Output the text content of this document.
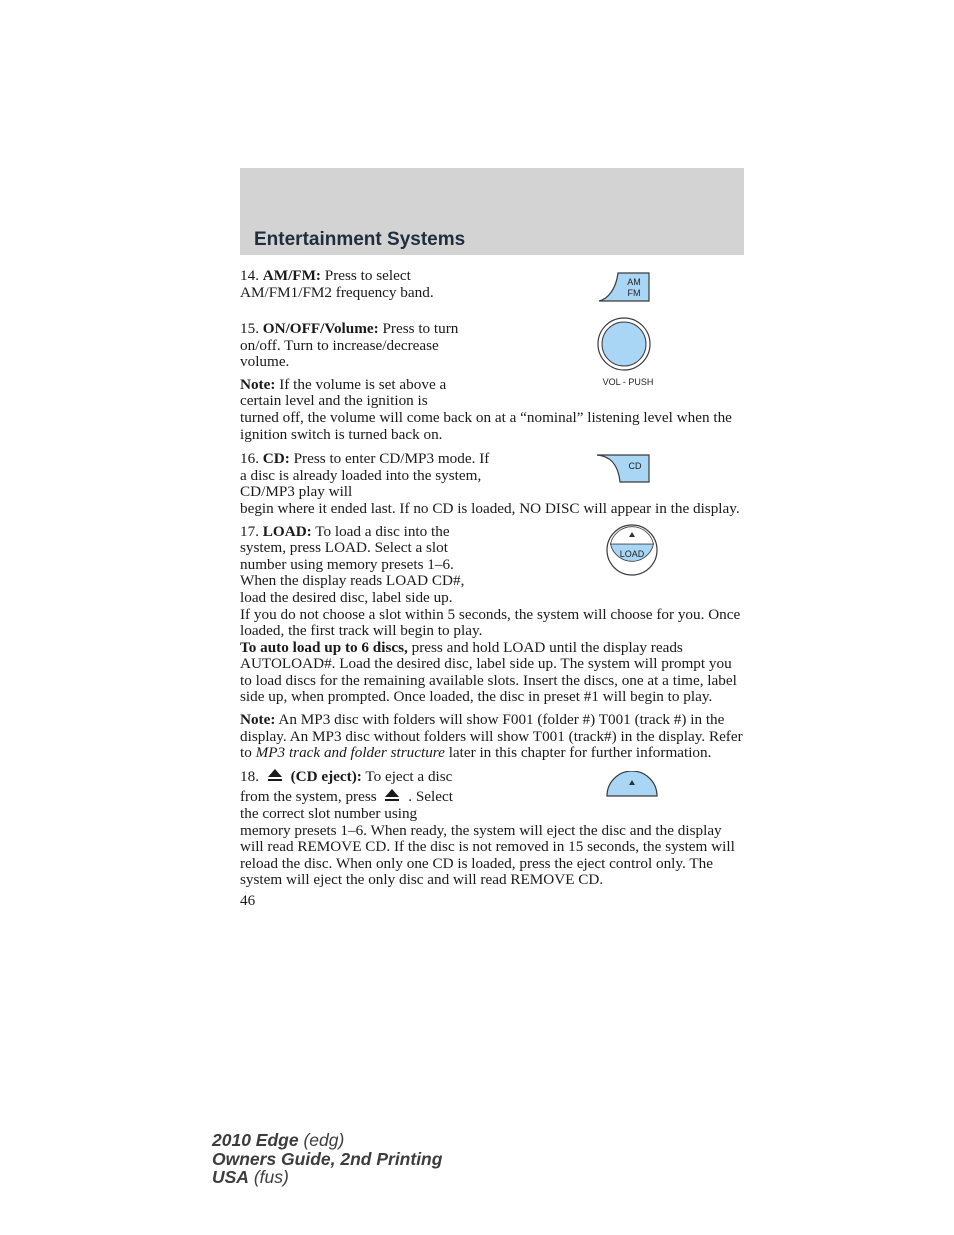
Entertainment Systems

14. AM/FM: Press to select AM/FM1/FM2 frequency band.

AM
FM

15. ON/OFF/Volume: Press to turn on/off. Turn to increase/decrease volume.

Note: If the volume is set above a certain level and the ignition is

turned off, the volume will come back on at a “nominal” listening level when the ignition switch is turned back on.

VOL - PUSH

16. CD: Press to enter CD/MP3 mode. If a disc is already loaded into the system, CD/MP3 play will

begin where it ended last. If no CD is loaded, NO DISC will appear in the display.

CD

17. LOAD: To load a disc into the system, press LOAD. Select a slot number using memory presets 1–6. When the display reads LOAD CD#, load the desired disc, label side up.

If you do not choose a slot within 5 seconds, the system will choose for you. Once loaded, the first track will begin to play.

To auto load up to 6 discs, press and hold LOAD until the display reads AUTOLOAD#. Load the desired disc, label side up. The system will prompt you to load discs for the remaining available slots. Insert the discs, one at a time, label side up, when prompted. Once loaded, the disc in preset #1 will begin to play.

LOAD

Note: An MP3 disc with folders will show F001 (folder #) T001 (track #) in the display. An MP3 disc without folders will show T001 (track#) in the display. Refer to MP3 track and folder structure later in this chapter for further information.

18. (CD eject): To eject a disc

from the system, press . Select

the correct slot number using

memory presets 1–6. When ready, the system will eject the disc and the display will read REMOVE CD. If the disc is not removed in 15 seconds, the system will reload the disc. When only one CD is loaded, press the eject control only. The system will eject the only disc and will read REMOVE CD.

46

2010 Edge (edg)
Owners Guide, 2nd Printing
USA (fus)
